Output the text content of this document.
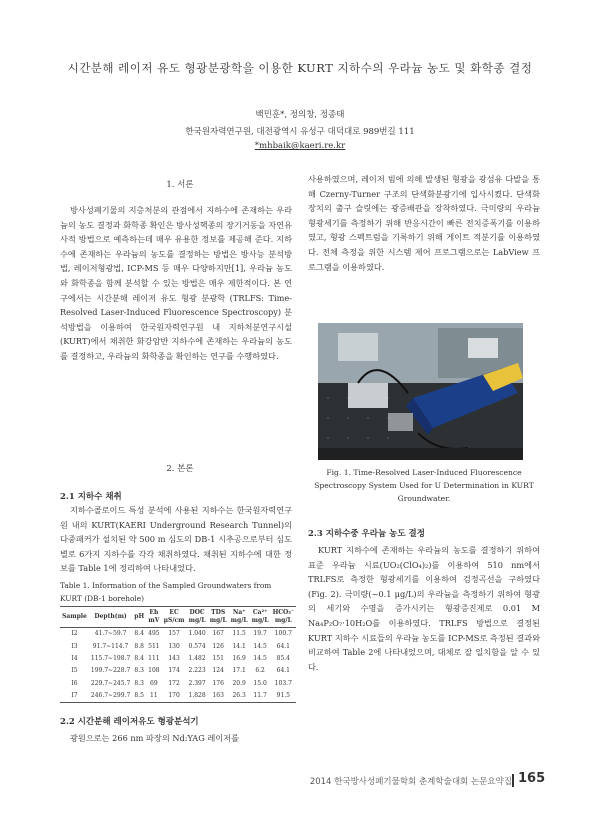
시간분해 레이저 유도 형광분광학을 이용한 KURT 지하수의 우라늄 농도 및 화학종 결정
백민훈*, 정의창, 정종태
한국원자력연구원, 대전광역시 유성구 대덕대로 989번길 111
*mhbaik@kaeri.re.kr
1. 서론

방사성폐기물의 지층처분의 관점에서 지하수에 존재하는 우라늄의 농도 결정과 화학종 확인은 방사성핵종의 장기거동을 자연유사적 방법으로 예측하는데 매우 유용한 정보를 제공해 준다. 지하수에 존재하는 우라늄의 농도를 결정하는 방법은 방사능 분석방법, 레이저형광법, ICP-MS 등 매우 다양하지만[1], 우라늄 농도와 화학종을 함께 분석할 수 있는 방법은 매우 제한적이다. 본 연구에서는 시간분해 레이저 유도 형광 분광학 (TRLFS: Time-Resolved Laser-Induced Fluorescence Spectroscopy) 분석방법을 이용하여 한국원자력연구원 내 지하처분연구시설(KURT)에서 채취한 화강암반 지하수에 존재하는 우라늄의 농도를 결정하고, 우라늄의 화학종을 확인하는 연구를 수행하였다.

2. 본론
2.1 지하수 채취

지하수콜로이드 특성 분석에 사용된 지하수는 한국원자력연구원 내의 KURT(KAERI Underground Research Tunnel)의 다중패커가 설치된 약 500 m 심도의 DB-1 시추공으로부터 심도별로 6가지 지하수를 각각 채취하였다. 채취된 지하수에 대한 정보를 Table 1에 정리하여 나타내었다.

Table 1. Information of the Sampled Groundwaters from KURT (DB-1 borehole)
Sample	Depth(m)	pH	Eh mV	EC μS/cm	DOC mg/L	TDS mg/L	Na⁺ mg/L	Ca²⁺ mg/L	HCO₃⁻ mg/L
I2	41.7~59.7	8.4	495	157	1.040	167	11.5	19.7	100.7
I3	91.7~114.7	8.8	511	130	0.574	126	14.1	14.5	64.1
I4	115.7~198.7	8.4	111	143	1.482	151	16.9	14.5	85.4
I5	199.7~228.7	8.3	108	174	2.223	124	17.1	6.2	64.1
I6	229.7~245.7	8.3	69	172	2.397	176	20.9	15.0	103.7
I7	246.7~299.7	8.5	11	170	1.828	163	26.3	11.7	91.5
2.2 시간분해 레이저유도 형광분석기

광원으로는 266 nm 파장의 Nd:YAG 레이저를

사용하였으며, 레이저 빔에 의해 발생된 형광을 광섬유 다발을 통해 Czerny-Turner 구조의 단색화분광기에 입사시켰다. 단색화 장치의 출구 슬릿에는 광증배관을 장착하였다. 극미량의 우라늄 형광세기를 측정하기 위해 반응시간이 빠른 전치증폭기를 이용하였고, 형광 스펙트럼을 기록하기 위해 게이트 적분기를 이용하였다. 전체 측정을 위한 시스템 제어 프로그램으로는 LabView 프로그램을 이용하였다.

Fig. 1. Time-Resolved Laser-Induced Fluorescence Spectroscopy System Used for U Determination in KURT Groundwater.
2.3 지하수중 우라늄 농도 결정

KURT 지하수에 존재하는 우라늄의 농도를 결정하기 위하여 표준 우라늄 시료(UO₂(ClO₄)₂)를 이용하여 510 nm에서 TRLFS로 측정한 형광세기를 이용하여 검정곡선을 구하였다(Fig. 2). 극미량(~0.1 μg/L)의 우라늄을 측정하기 위하여 형광의 세기와 수명을 증가시키는 형광증진제로 0.01 M Na₄P₂O₇·10H₂O를 이용하였다. TRLFS 방법으로 결정된 KURT 지하수 시료들의 우라늄 농도를 ICP-MS로 측정된 결과와 비교하여 Table 2에 나타내었으며, 대체로 잘 일치함을 알 수 있다.

2014 한국방사성폐기물학회 춘계학술대회 논문요약집 165
